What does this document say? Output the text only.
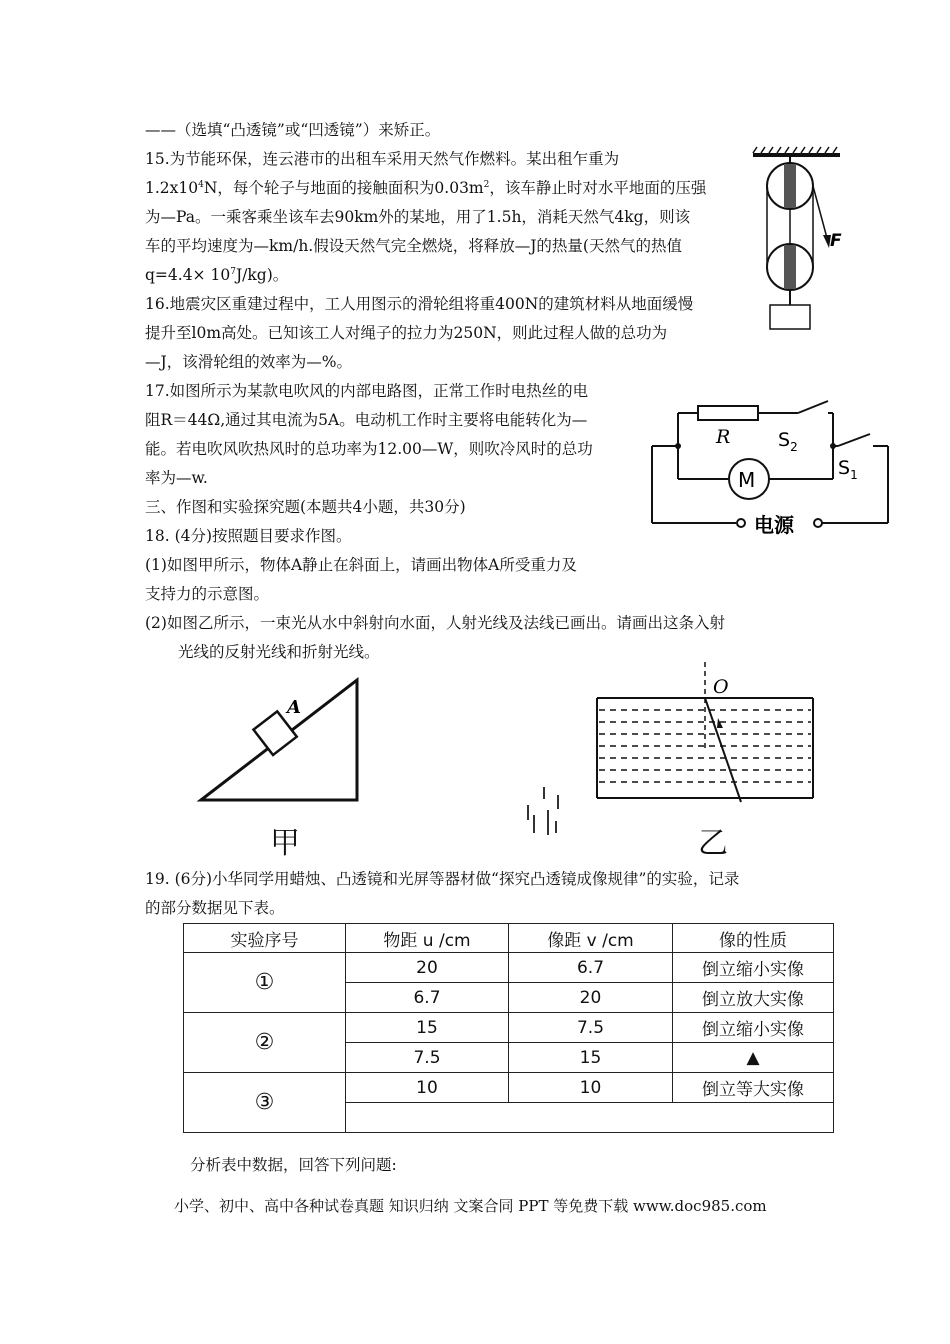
——（选填“凸透镜”或“凹透镜”）来矫正。
15.为节能环保，连云港市的出租车采用天然气作燃料。某出租乍重为
$1.2x10^4N$，每个轮子与地面的接触面积为$0.03m^2$，该车静止时对水平地面的压强
为—Pa。一乘客乘坐该车去90km外的某地，用了1.5h，消耗天然气4kg，则该
车的平均速度为—km/h.假设天然气完全燃烧，将释放—J的热量(天然气的热值
$q=4.4\times 10^7J/kg$)。
16.地震灾区重建过程中，工人用图示的滑轮组将重400N的建筑材料从地面缓慢
提升至l0m高处。已知该工人对绳子的拉力为250N，则此过程人做的总功为
—J，该滑轮组的效率为—%。
17.如图所示为某款电吹风的内部电路图，正常工作时电热丝的电
阻R＝44Ω,通过其电流为5A。电动机工作时主要将电能转化为—
能。若电吹风吹热风时的总功率为12.00—W，则吹冷风时的总功
率为—w.
三、作图和实验探究题(本题共4小题，共30分)
18. (4分)按照题目要求作图。
(1)如图甲所示，物体A静止在斜面上，请画出物体A所受重力及
支持力的示意图。
(2)如图乙所示，一束光从水中斜射向水面，人射光线及法线已画出。请画出这条入射
光线的反射光线和折射光线。
F
R	$S_2$
$S_1$
M
电源
A
甲
O
乙
19. (6分)小华同学用蜡烛、凸透镜和光屏等器材做“探究凸透镜成像规律”的实验，记录
的部分数据见下表。
实验序号	物距 u /cm	像距 v /cm	像的性质
①	20	6.7	倒立缩小实像
	6.7	20	倒立放大实像
②	15	7.5	倒立缩小实像
	7.5	15	▲
③	10	10	倒立等大实像

分析表中数据，回答下列问题:
小学、初中、高中各种试卷真题 知识归纳 文案合同 PPT 等免费下载 www.doc985.com
